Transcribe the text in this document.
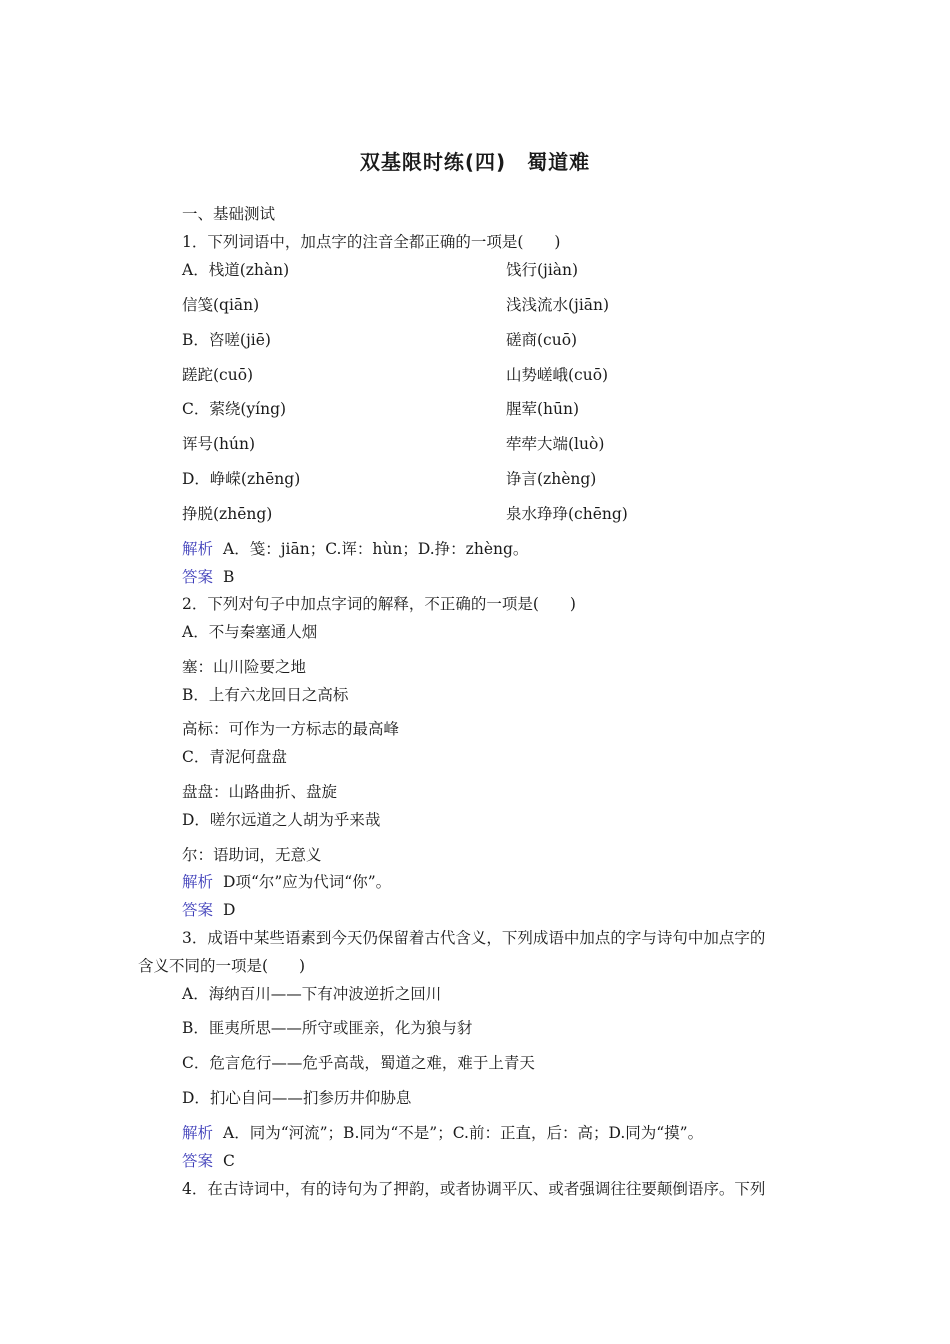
双基限时练(四)　蜀道难
一、基础测试
1．下列词语中，加点字的注音全都正确的一项是(　　)
A．栈道(zhàn)	饯行(jiàn)
信笺(qiān)	浅浅流水(jiān)
B．咨嗟(jiē)	磋商(cuō)
蹉跎(cuō)	山势嵯峨(cuō)
C．萦绕(yíng)	腥荤(hūn)
诨号(hún)	荦荦大端(luò)
D．峥嵘(zhēng)	诤言(zhèng)
挣脱(zhēng)	泉水琤琤(chēng)
解析 A．笺：jiān；C.诨：hùn；D.挣：zhèng。
答案 B
2．下列对句子中加点字词的解释，不正确的一项是(　　)
A．不与秦塞通人烟
塞：山川险要之地
B．上有六龙回日之高标
高标：可作为一方标志的最高峰
C．青泥何盘盘
盘盘：山路曲折、盘旋
D．嗟尔远道之人胡为乎来哉
尔：语助词，无意义
解析 D项“尔”应为代词“你”。
答案 D
3．成语中某些语素到今天仍保留着古代含义，下列成语中加点的字与诗句中加点字的
含义不同的一项是(　　)
A．海纳百川——下有冲波逆折之回川
B．匪夷所思——所守或匪亲，化为狼与豺
C．危言危行——危乎高哉，蜀道之难，难于上青天
D．扪心自问——扪参历井仰胁息
解析 A．同为“河流”；B.同为“不是”；C.前：正直，后：高；D.同为“摸”。
答案 C
4．在古诗词中，有的诗句为了押韵，或者协调平仄、或者强调往往要颠倒语序。下列
